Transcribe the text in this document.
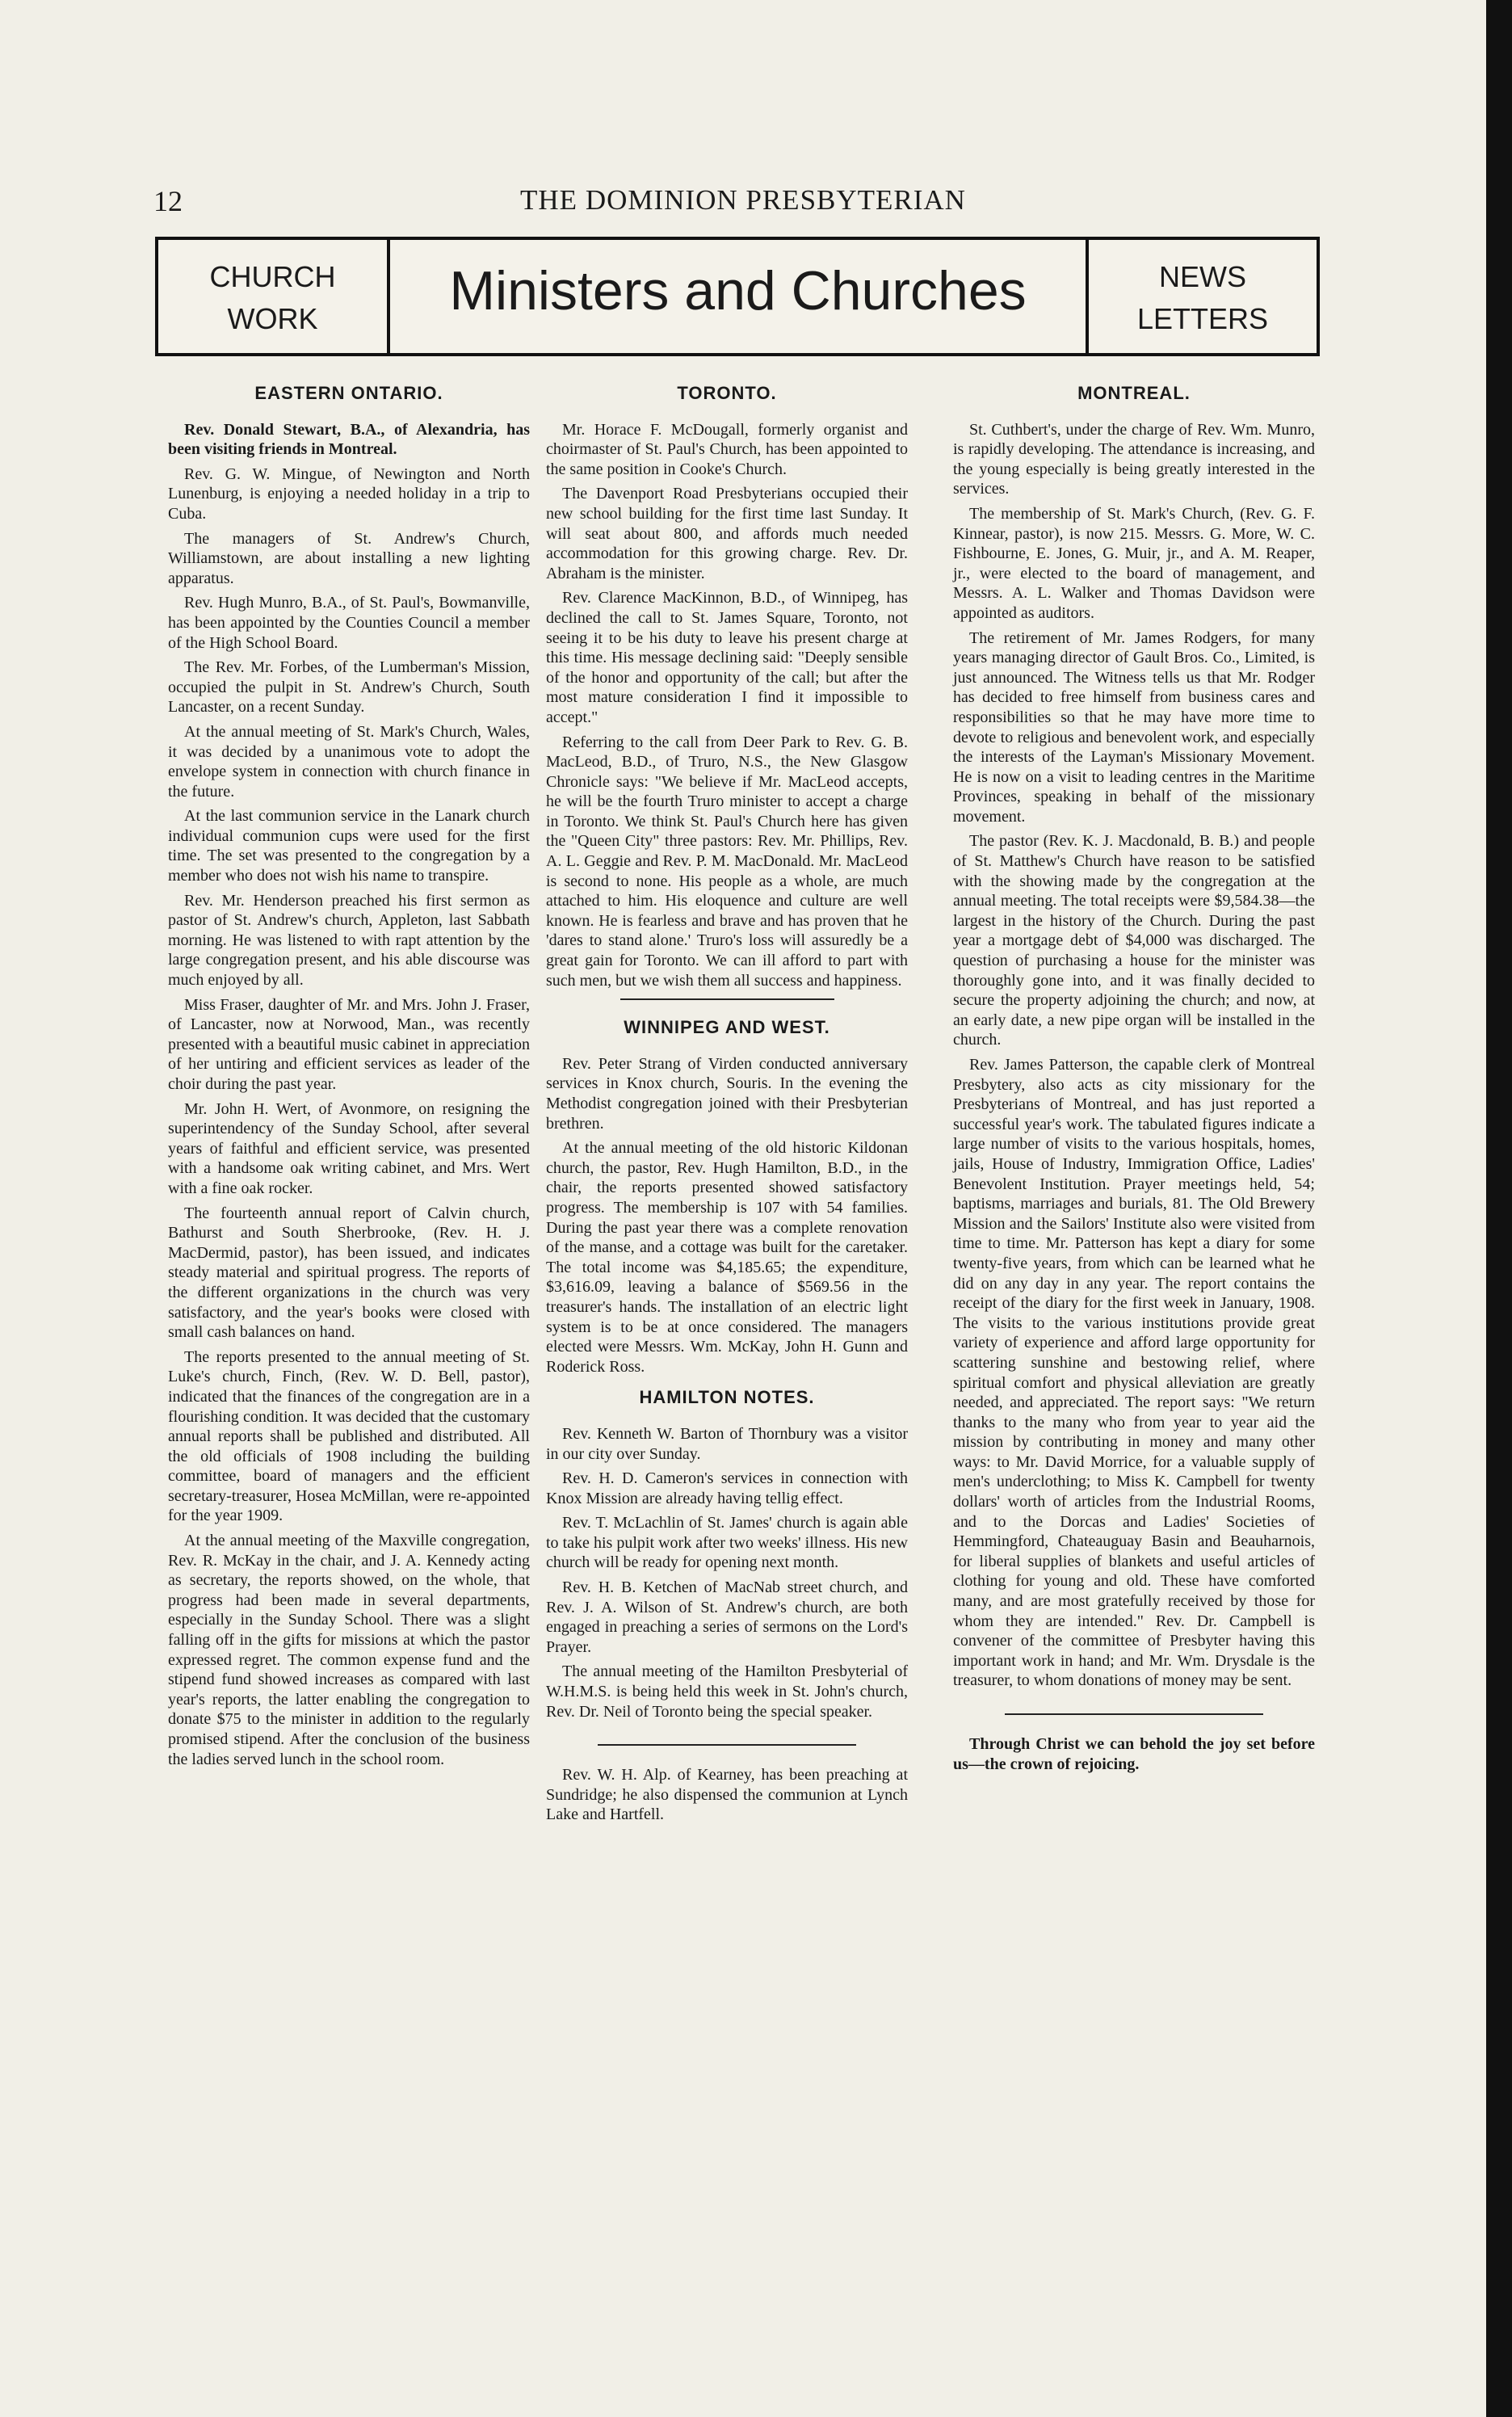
12	THE DOMINION PRESBYTERIAN
CHURCH
WORK	Ministers and Churches	NEWS
LETTERS
EASTERN ONTARIO.

Rev. Donald Stewart, B.A., of Alexandria, has been visiting friends in Montreal.

Rev. G. W. Mingue, of Newington and North Lunenburg, is enjoying a needed holiday in a trip to Cuba.

The managers of St. Andrew's Church, Williamstown, are about installing a new lighting apparatus.

Rev. Hugh Munro, B.A., of St. Paul's, Bowmanville, has been appointed by the Counties Council a member of the High School Board.

The Rev. Mr. Forbes, of the Lumberman's Mission, occupied the pulpit in St. Andrew's Church, South Lancaster, on a recent Sunday.

At the annual meeting of St. Mark's Church, Wales, it was decided by a unanimous vote to adopt the envelope system in connection with church finance in the future.

At the last communion service in the Lanark church individual communion cups were used for the first time. The set was presented to the congregation by a member who does not wish his name to transpire.

Rev. Mr. Henderson preached his first sermon as pastor of St. Andrew's church, Appleton, last Sabbath morning. He was listened to with rapt attention by the large congregation present, and his able discourse was much enjoyed by all.

Miss Fraser, daughter of Mr. and Mrs. John J. Fraser, of Lancaster, now at Norwood, Man., was recently presented with a beautiful music cabinet in appreciation of her untiring and efficient services as leader of the choir during the past year.

Mr. John H. Wert, of Avonmore, on resigning the superintendency of the Sunday School, after several years of faithful and efficient service, was presented with a handsome oak writing cabinet, and Mrs. Wert with a fine oak rocker.

The fourteenth annual report of Calvin church, Bathurst and South Sherbrooke, (Rev. H. J. MacDermid, pastor), has been issued, and indicates steady material and spiritual progress. The reports of the different organizations in the church was very satisfactory, and the year's books were closed with small cash balances on hand.

The reports presented to the annual meeting of St. Luke's church, Finch, (Rev. W. D. Bell, pastor), indicated that the finances of the congregation are in a flourishing condition. It was decided that the customary annual reports shall be published and distributed. All the old officials of 1908 including the building committee, board of managers and the efficient secretary-treasurer, Hosea McMillan, were re-appointed for the year 1909.

At the annual meeting of the Maxville congregation, Rev. R. McKay in the chair, and J. A. Kennedy acting as secretary, the reports showed, on the whole, that progress had been made in several departments, especially in the Sunday School. There was a slight falling off in the gifts for missions at which the pastor expressed regret. The common expense fund and the stipend fund showed increases as compared with last year's reports, the latter enabling the congregation to donate $75 to the minister in addition to the regularly promised stipend. After the conclusion of the business the ladies served lunch in the school room.

TORONTO.

Mr. Horace F. McDougall, formerly organist and choirmaster of St. Paul's Church, has been appointed to the same position in Cooke's Church.

The Davenport Road Presbyterians occupied their new school building for the first time last Sunday. It will seat about 800, and affords much needed accommodation for this growing charge. Rev. Dr. Abraham is the minister.

Rev. Clarence MacKinnon, B.D., of Winnipeg, has declined the call to St. James Square, Toronto, not seeing it to be his duty to leave his present charge at this time. His message declining said: "Deeply sensible of the honor and opportunity of the call; but after the most mature consideration I find it impossible to accept."

Referring to the call from Deer Park to Rev. G. B. MacLeod, B.D., of Truro, N.S., the New Glasgow Chronicle says: "We believe if Mr. MacLeod accepts, he will be the fourth Truro minister to accept a charge in Toronto. We think St. Paul's Church here has given the "Queen City" three pastors: Rev. Mr. Phillips, Rev. A. L. Geggie and Rev. P. M. MacDonald. Mr. MacLeod is second to none. His people as a whole, are much attached to him. His eloquence and culture are well known. He is fearless and brave and has proven that he 'dares to stand alone.' Truro's loss will assuredly be a great gain for Toronto. We can ill afford to part with such men, but we wish them all success and happiness.

WINNIPEG AND WEST.

Rev. Peter Strang of Virden conducted anniversary services in Knox church, Souris. In the evening the Methodist congregation joined with their Presbyterian brethren.

At the annual meeting of the old historic Kildonan church, the pastor, Rev. Hugh Hamilton, B.D., in the chair, the reports presented showed satisfactory progress. The membership is 107 with 54 families. During the past year there was a complete renovation of the manse, and a cottage was built for the caretaker. The total income was $4,185.65; the expenditure, $3,616.09, leaving a balance of $569.56 in the treasurer's hands. The installation of an electric light system is to be at once considered. The managers elected were Messrs. Wm. McKay, John H. Gunn and Roderick Ross.

HAMILTON NOTES.

Rev. Kenneth W. Barton of Thornbury was a visitor in our city over Sunday.

Rev. H. D. Cameron's services in connection with Knox Mission are already having tellig effect.

Rev. T. McLachlin of St. James' church is again able to take his pulpit work after two weeks' illness. His new church will be ready for opening next month.

Rev. H. B. Ketchen of MacNab street church, and Rev. J. A. Wilson of St. Andrew's church, are both engaged in preaching a series of sermons on the Lord's Prayer.

The annual meeting of the Hamilton Presbyterial of W.H.M.S. is being held this week in St. John's church, Rev. Dr. Neil of Toronto being the special speaker.

Rev. W. H. Alp. of Kearney, has been preaching at Sundridge; he also dispensed the communion at Lynch Lake and Hartfell.

MONTREAL.

St. Cuthbert's, under the charge of Rev. Wm. Munro, is rapidly developing. The attendance is increasing, and the young especially is being greatly interested in the services.

The membership of St. Mark's Church, (Rev. G. F. Kinnear, pastor), is now 215. Messrs. G. More, W. C. Fishbourne, E. Jones, G. Muir, jr., and A. M. Reaper, jr., were elected to the board of management, and Messrs. A. L. Walker and Thomas Davidson were appointed as auditors.

The retirement of Mr. James Rodgers, for many years managing director of Gault Bros. Co., Limited, is just announced. The Witness tells us that Mr. Rodger has decided to free himself from business cares and responsibilities so that he may have more time to devote to religious and benevolent work, and especially the interests of the Layman's Missionary Movement. He is now on a visit to leading centres in the Maritime Provinces, speaking in behalf of the missionary movement.

The pastor (Rev. K. J. Macdonald, B. B.) and people of St. Matthew's Church have reason to be satisfied with the showing made by the congregation at the annual meeting. The total receipts were $9,584.38—the largest in the history of the Church. During the past year a mortgage debt of $4,000 was discharged. The question of purchasing a house for the minister was thoroughly gone into, and it was finally decided to secure the property adjoining the church; and now, at an early date, a new pipe organ will be installed in the church.

Rev. James Patterson, the capable clerk of Montreal Presbytery, also acts as city missionary for the Presbyterians of Montreal, and has just reported a successful year's work. The tabulated figures indicate a large number of visits to the various hospitals, homes, jails, House of Industry, Immigration Office, Ladies' Benevolent Institution. Prayer meetings held, 54; baptisms, marriages and burials, 81. The Old Brewery Mission and the Sailors' Institute also were visited from time to time. Mr. Patterson has kept a diary for some twenty-five years, from which can be learned what he did on any day in any year. The report contains the receipt of the diary for the first week in January, 1908. The visits to the various institutions provide great variety of experience and afford large opportunity for scattering sunshine and bestowing relief, where spiritual comfort and physical alleviation are greatly needed, and appreciated. The report says: "We return thanks to the many who from year to year aid the mission by contributing in money and many other ways: to Mr. David Morrice, for a valuable supply of men's underclothing; to Miss K. Campbell for twenty dollars' worth of articles from the Industrial Rooms, and to the Dorcas and Ladies' Societies of Hemmingford, Chateauguay Basin and Beauharnois, for liberal supplies of blankets and useful articles of clothing for young and old. These have comforted many, and are most gratefully received by those for whom they are intended." Rev. Dr. Campbell is convener of the committee of Presbyter having this important work in hand; and Mr. Wm. Drysdale is the treasurer, to whom donations of money may be sent.

Through Christ we can behold the joy set before us—the crown of rejoicing.
